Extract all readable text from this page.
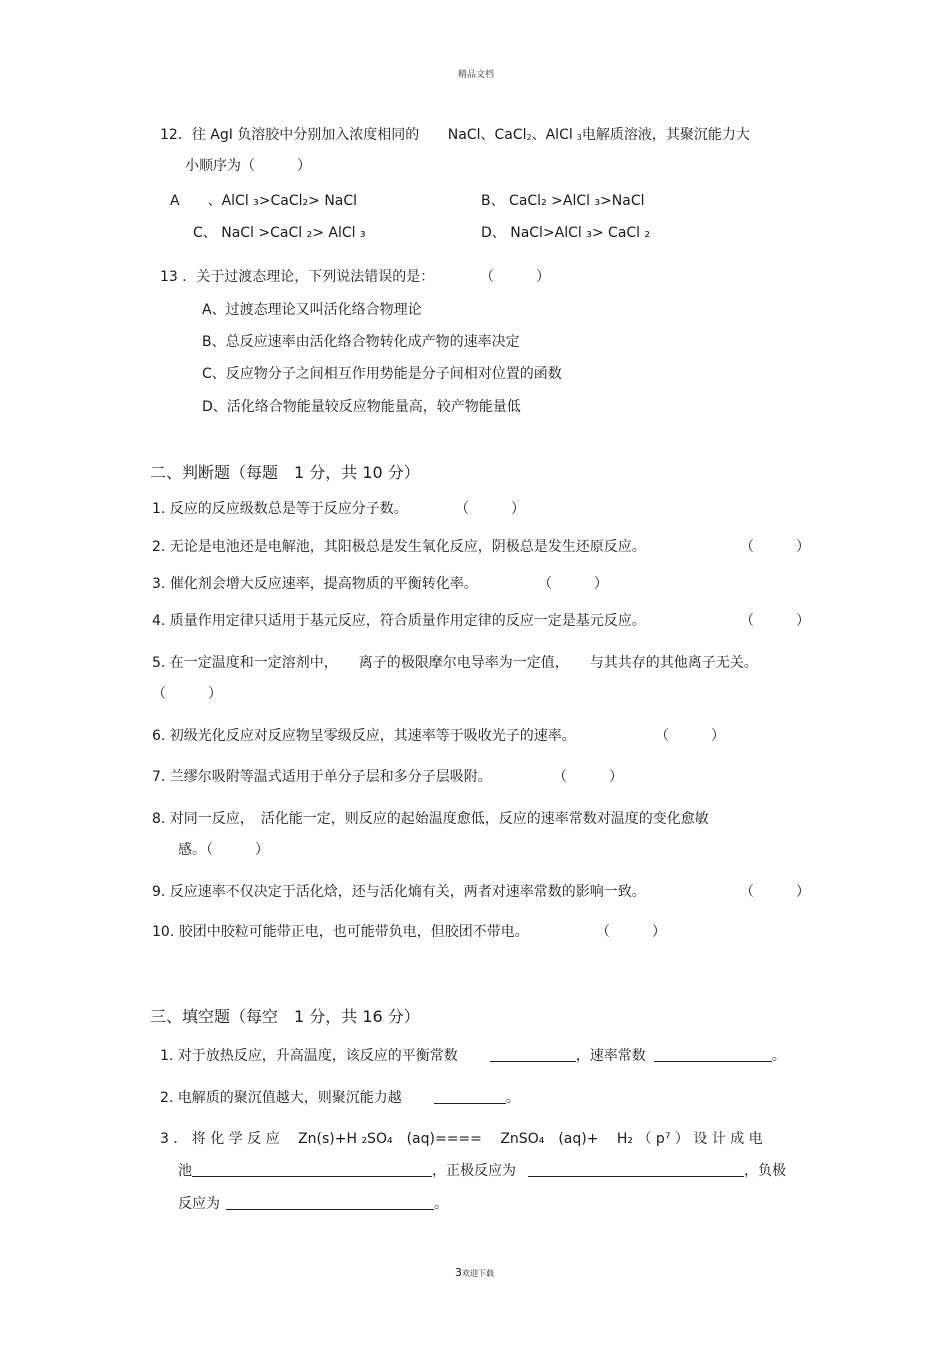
精品文档
12．往 AgI 负溶胶中分别加入浓度相同的 NaCl、CaCl2、AlCl 3电解质溶液，其聚沉能力大
小顺序为（　　　）
A　　、AlCl ₃>CaCl₂> NaCl	B、 CaCl₂ >AlCl ₃>NaCl
C、 NaCl >CaCl ₂> AlCl ₃	D、 NaCl>AlCl ₃> CaCl ₂
13 ．关于过渡态理论，下列说法错误的是：	（　　　）
A、过渡态理论又叫活化络合物理论
B、总反应速率由活化络合物转化成产物的速率决定
C、反应物分子之间相互作用势能是分子间相对位置的函数
D、活化络合物能量较反应物能量高，较产物能量低
二、判断题（每题　1 分，共 10 分）
1. 反应的反应级数总是等于反应分子数。	（　　　）
2. 无论是电池还是电解池，其阳极总是发生氧化反应，阴极总是发生还原反应。	（　　　）
3. 催化剂会增大反应速率，提高物质的平衡转化率。	（　　　）
4. 质量作用定律只适用于基元反应，符合质量作用定律的反应一定是基元反应。	（　　　）
5. 在一定温度和一定溶剂中，　　离子的极限摩尔电导率为一定值，　　与其共存的其他离子无关。
（　　　）
6. 初级光化反应对反应物呈零级反应，其速率等于吸收光子的速率。	（　　　）
7. 兰缪尔吸附等温式适用于单分子层和多分子层吸附。	（　　　）
8. 对同一反应，　活化能一定，则反应的起始温度愈低，反应的速率常数对温度的变化愈敏
感。（　　　）
9. 反应速率不仅决定于活化焓，还与活化熵有关，两者对速率常数的影响一致。	（　　　）
10. 胶团中胶粒可能带正电，也可能带负电，但胶团不带电。	（　　　）
三、填空题（每空　1 分，共 16 分）
1. 对于放热反应，升高温度，该反应的平衡常数	，速率常数	。
2. 电解质的聚沉值越大，则聚沉能力越	。
3 ． 将 化 学 反 应　 Zn(s)+H ₂SO₄　(aq)====　 ZnSO₄　(aq)+　 H₂ （ p⁷ ） 设 计 成 电
池	，正极反应为	，负极
反应为	。
3欢迎下载
